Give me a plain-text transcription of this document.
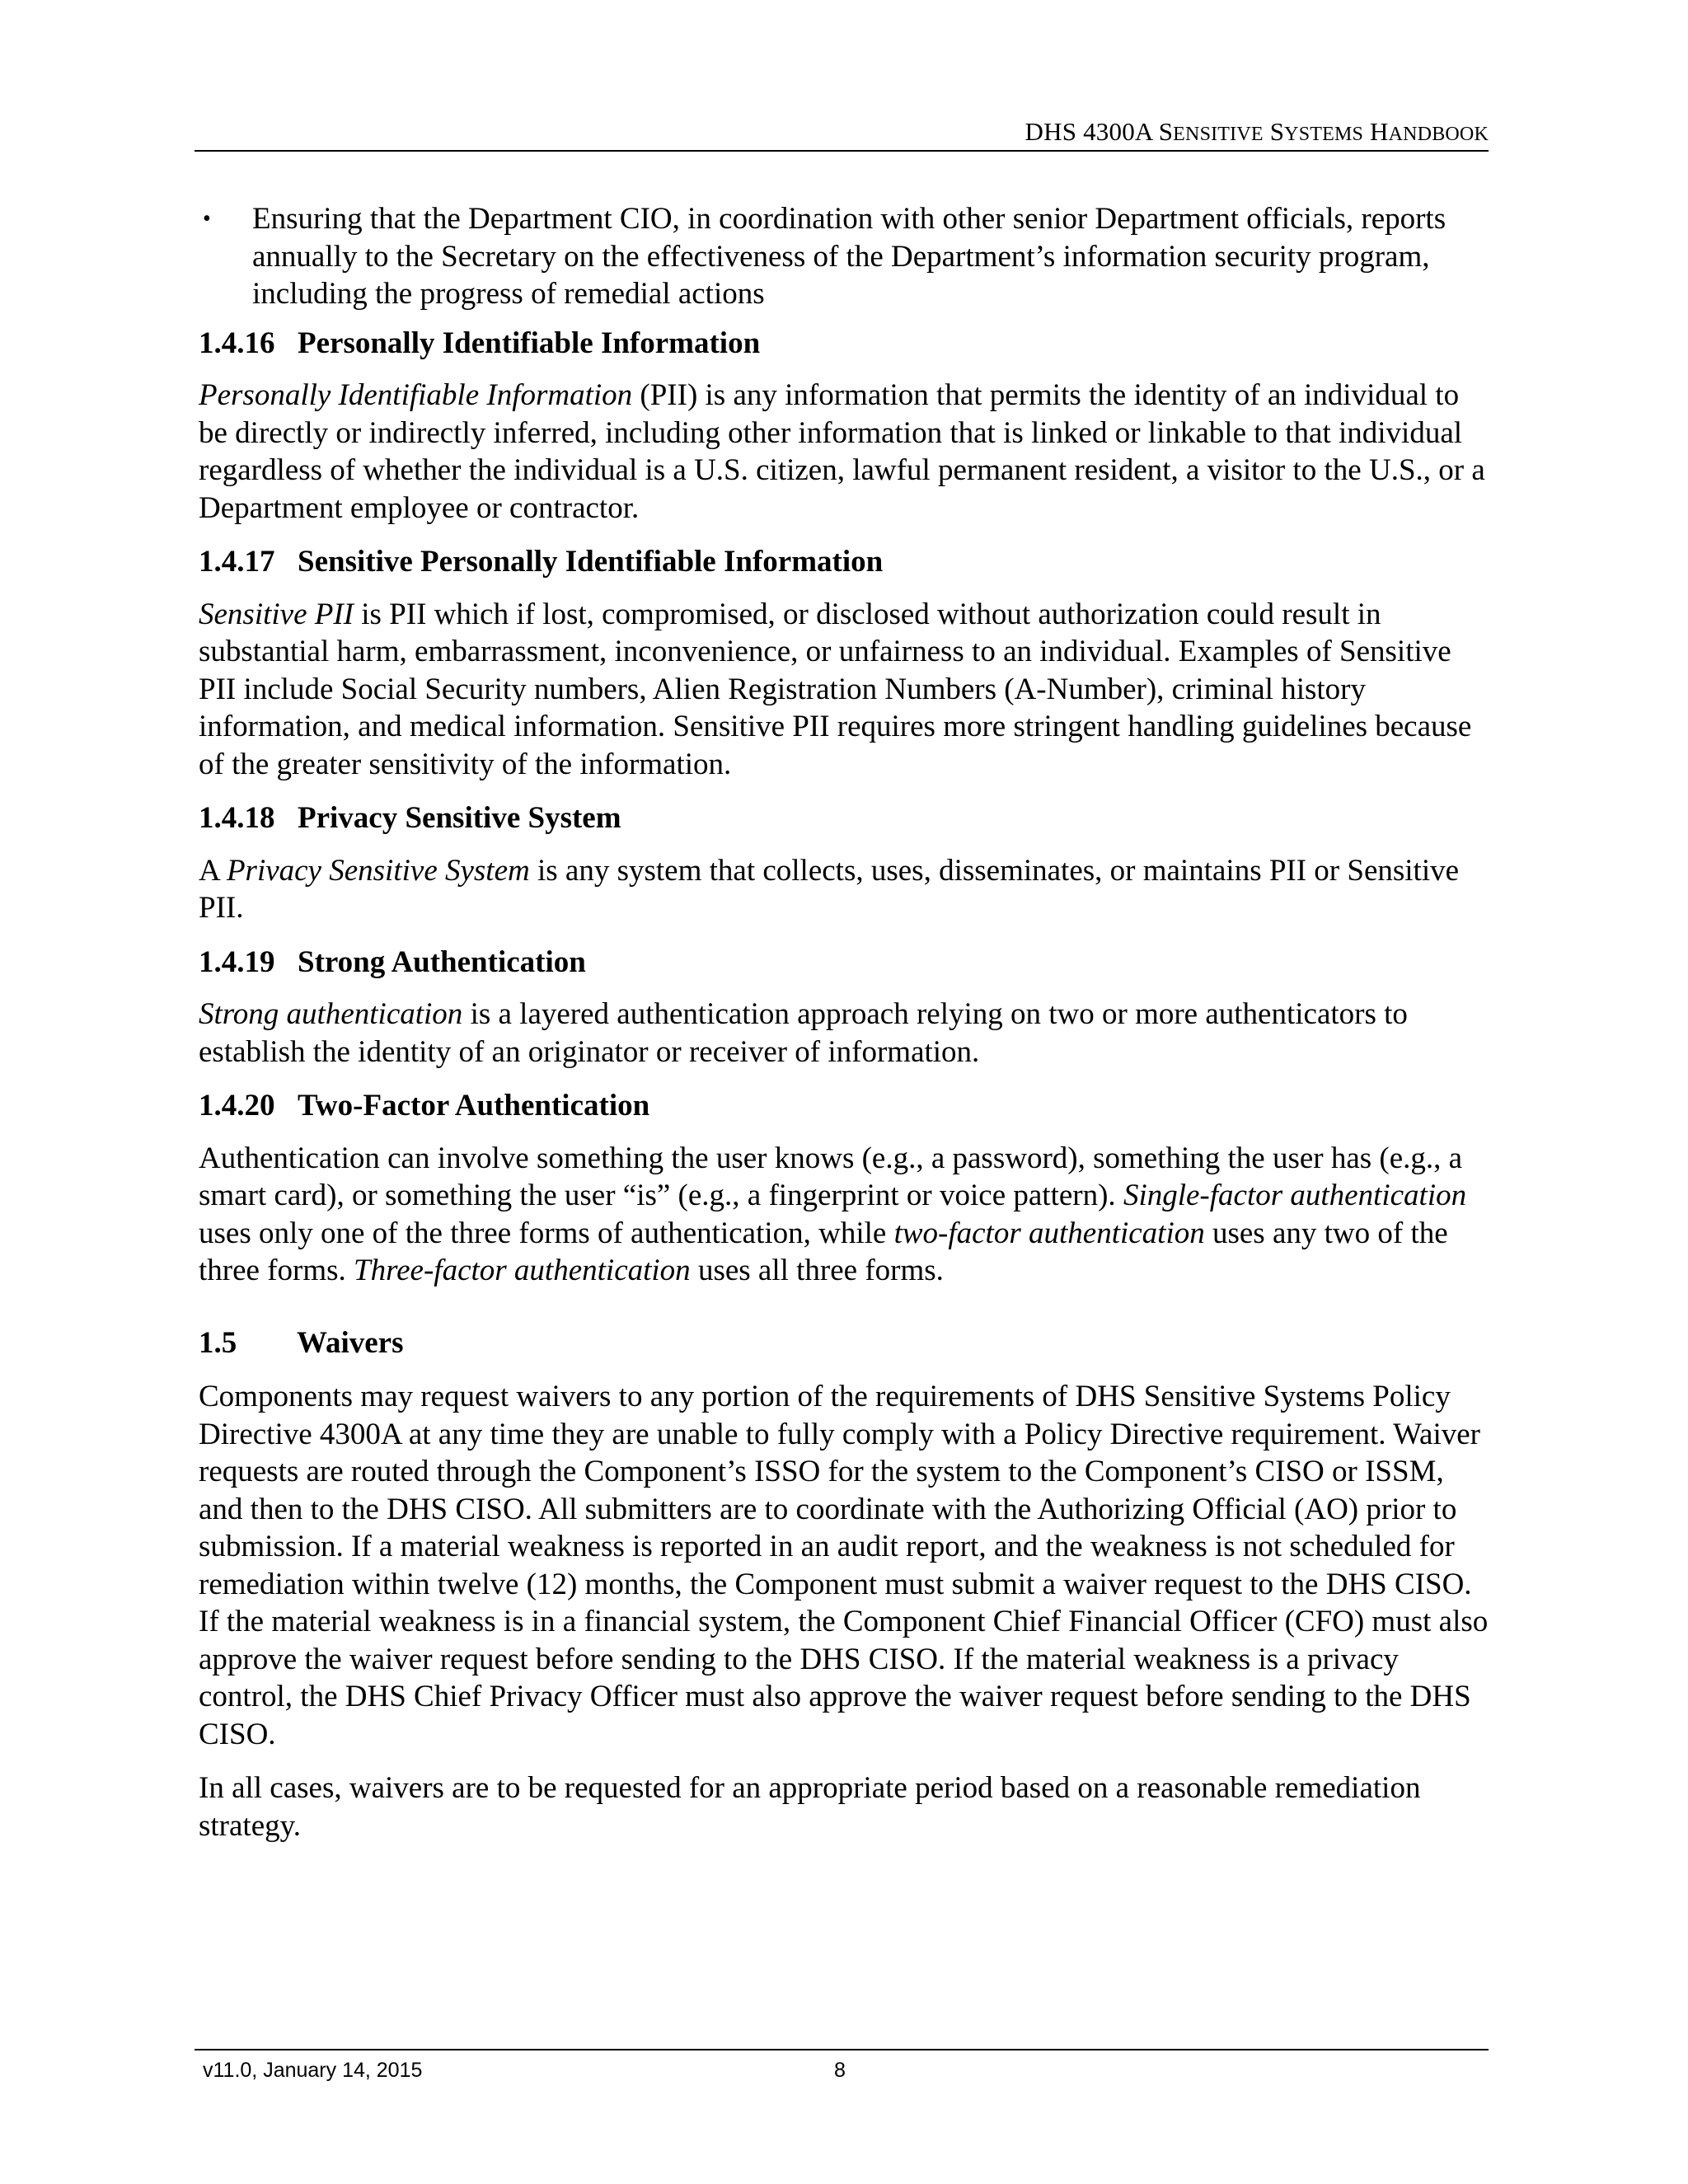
DHS 4300A SENSITIVE SYSTEMS HANDBOOK
•	Ensuring that the Department CIO, in coordination with other senior Department officials, reports annually to the Secretary on the effectiveness of the Department’s information security program, including the progress of remedial actions
1.4.16 Personally Identifiable Information

Personally Identifiable Information (PII) is any information that permits the identity of an individual to be directly or indirectly inferred, including other information that is linked or linkable to that individual regardless of whether the individual is a U.S. citizen, lawful permanent resident, a visitor to the U.S., or a Department employee or contractor.

1.4.17 Sensitive Personally Identifiable Information

Sensitive PII is PII which if lost, compromised, or disclosed without authorization could result in substantial harm, embarrassment, inconvenience, or unfairness to an individual. Examples of Sensitive PII include Social Security numbers, Alien Registration Numbers (A-Number), criminal history information, and medical information. Sensitive PII requires more stringent handling guidelines because of the greater sensitivity of the information.

1.4.18 Privacy Sensitive System

A Privacy Sensitive System is any system that collects, uses, disseminates, or maintains PII or Sensitive PII.

1.4.19 Strong Authentication

Strong authentication is a layered authentication approach relying on two or more authenticators to establish the identity of an originator or receiver of information.

1.4.20 Two-Factor Authentication

Authentication can involve something the user knows (e.g., a password), something the user has (e.g., a smart card), or something the user “is” (e.g., a fingerprint or voice pattern). Single-factor authentication uses only one of the three forms of authentication, while two-factor authentication uses any two of the three forms. Three-factor authentication uses all three forms.

1.5 Waivers

Components may request waivers to any portion of the requirements of DHS Sensitive Systems Policy Directive 4300A at any time they are unable to fully comply with a Policy Directive requirement. Waiver requests are routed through the Component’s ISSO for the system to the Component’s CISO or ISSM, and then to the DHS CISO. All submitters are to coordinate with the Authorizing Official (AO) prior to submission. If a material weakness is reported in an audit report, and the weakness is not scheduled for remediation within twelve (12) months, the Component must submit a waiver request to the DHS CISO. If the material weakness is in a financial system, the Component Chief Financial Officer (CFO) must also approve the waiver request before sending to the DHS CISO. If the material weakness is a privacy control, the DHS Chief Privacy Officer must also approve the waiver request before sending to the DHS CISO.

In all cases, waivers are to be requested for an appropriate period based on a reasonable remediation strategy.

v11.0, January 14, 2015	8
